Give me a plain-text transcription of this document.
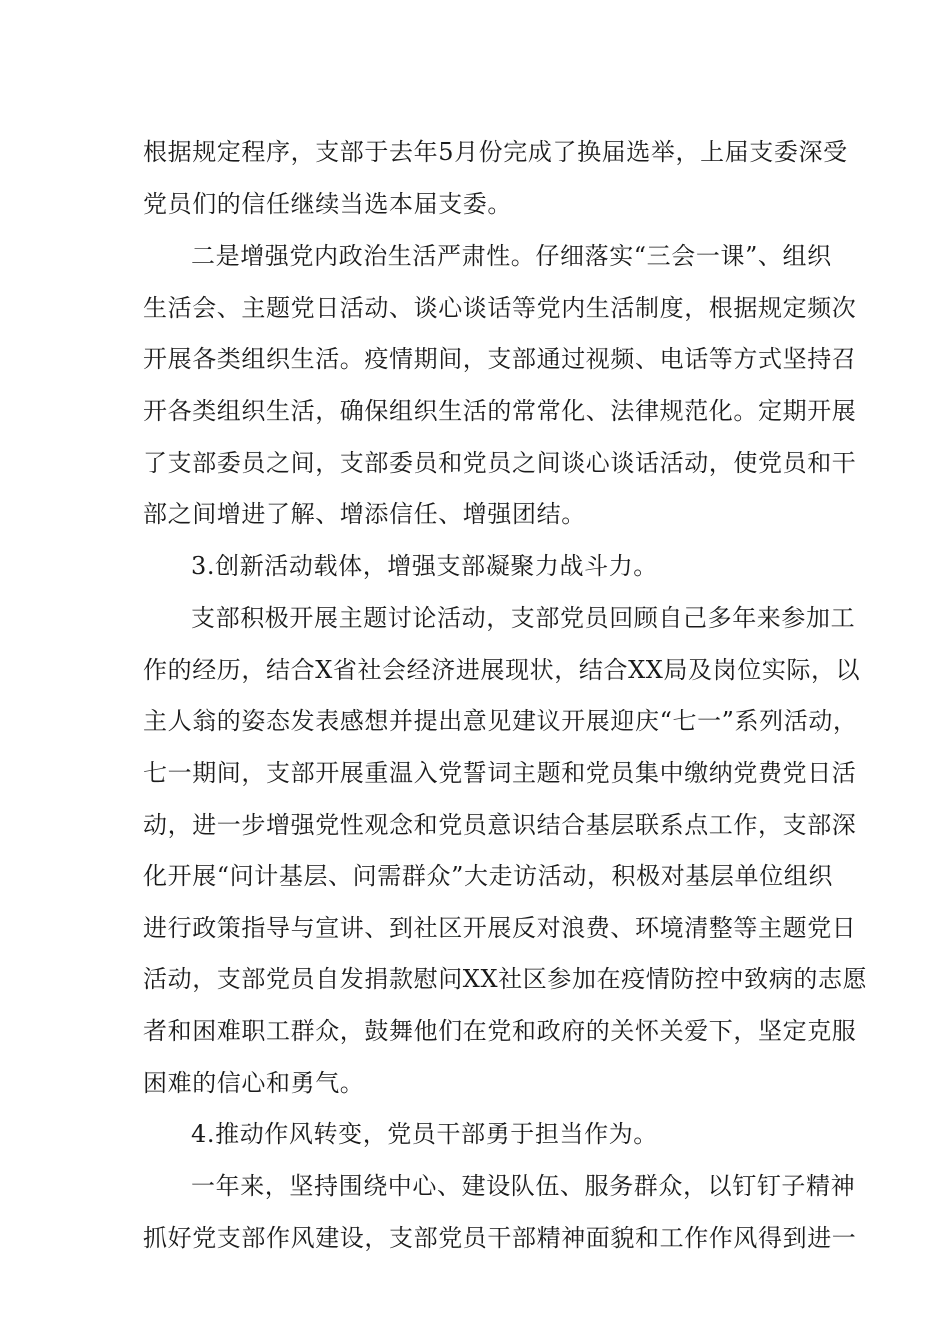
根据规定程序，支部于去年5月份完成了换届选举，上届支委深受
党员们的信任继续当选本届支委。
二是增强党内政治生活严肃性。仔细落实“三会一课”、组织
生活会、主题党日活动、谈心谈话等党内生活制度，根据规定频次
开展各类组织生活。疫情期间，支部通过视频、电话等方式坚持召
开各类组织生活，确保组织生活的常常化、法律规范化。定期开展
了支部委员之间，支部委员和党员之间谈心谈话活动，使党员和干
部之间增进了解、增添信任、增强团结。
3.创新活动载体，增强支部凝聚力战斗力。
支部积极开展主题讨论活动，支部党员回顾自己多年来参加工
作的经历，结合X省社会经济进展现状，结合XX局及岗位实际，以
主人翁的姿态发表感想并提出意见建议开展迎庆“七一”系列活动，
七一期间，支部开展重温入党誓词主题和党员集中缴纳党费党日活
动，进一步增强党性观念和党员意识结合基层联系点工作，支部深
化开展“问计基层、问需群众”大走访活动，积极对基层单位组织
进行政策指导与宣讲、到社区开展反对浪费、环境清整等主题党日
活动，支部党员自发捐款慰问XX社区参加在疫情防控中致病的志愿
者和困难职工群众，鼓舞他们在党和政府的关怀关爱下，坚定克服
困难的信心和勇气。
4.推动作风转变，党员干部勇于担当作为。
一年来，坚持围绕中心、建设队伍、服务群众，以钉钉子精神
抓好党支部作风建设，支部党员干部精神面貌和工作作风得到进一
